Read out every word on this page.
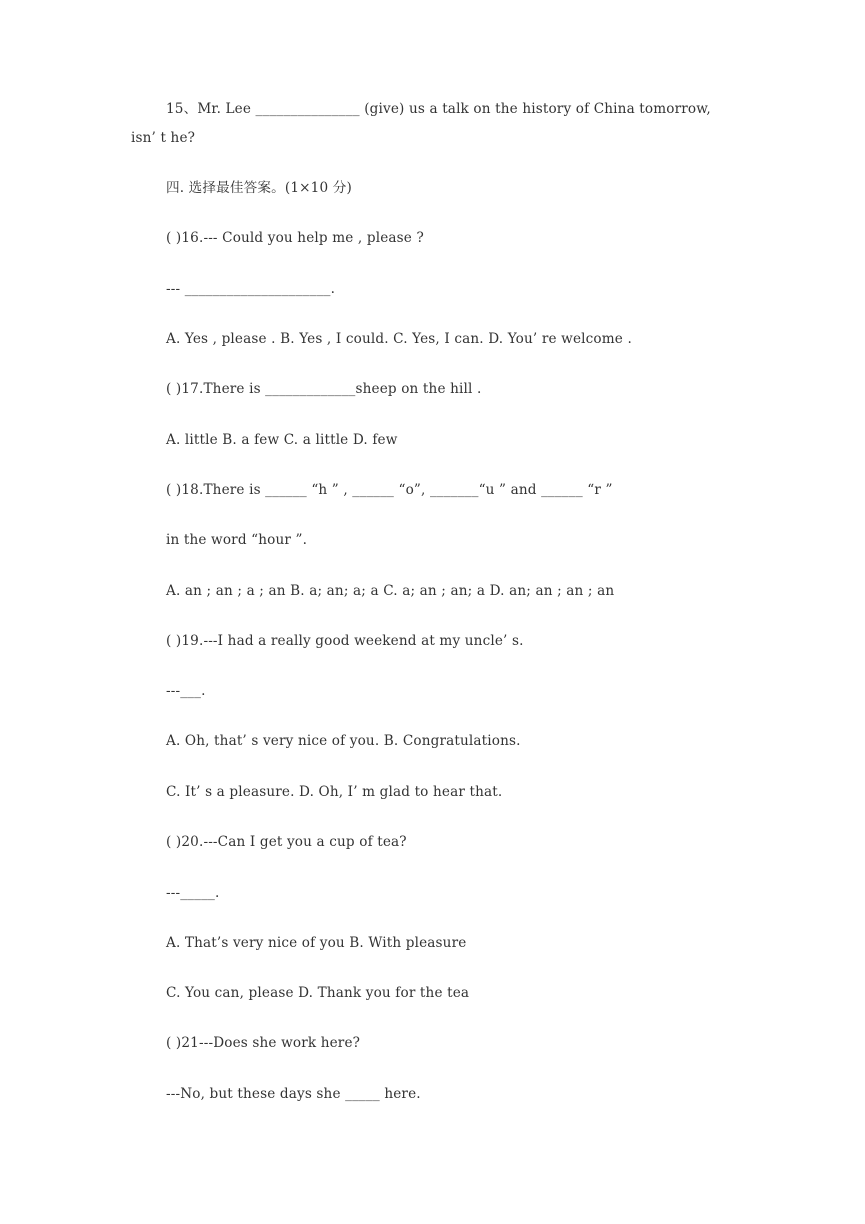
15、Mr. Lee _______________ (give) us a talk on the history of China tomorrow,
isn’ t he?
四. 选择最佳答案。(1×10 分)
( )16.--- Could you help me , please ?
--- _____________________.
A. Yes , please . B. Yes , I could. C. Yes, I can. D. You’ re welcome .
( )17.There is _____________sheep on the hill .
A. little B. a few C. a little D. few
( )18.There is ______ “h ” , ______ “o”, _______“u ” and ______ “r ”
in the word “hour ”.
A. an ; an ; a ; an B. a; an; a; a C. a; an ; an; a D. an; an ; an ; an
( )19.---I had a really good weekend at my uncle’ s.
---___.
A. Oh, that’ s very nice of you. B. Congratulations.
C. It’ s a pleasure. D. Oh, I’ m glad to hear that.
( )20.---Can I get you a cup of tea?
---_____.
A. That’s very nice of you B. With pleasure
C. You can, please D. Thank you for the tea
( )21---Does she work here?
---No, but these days she _____ here.
